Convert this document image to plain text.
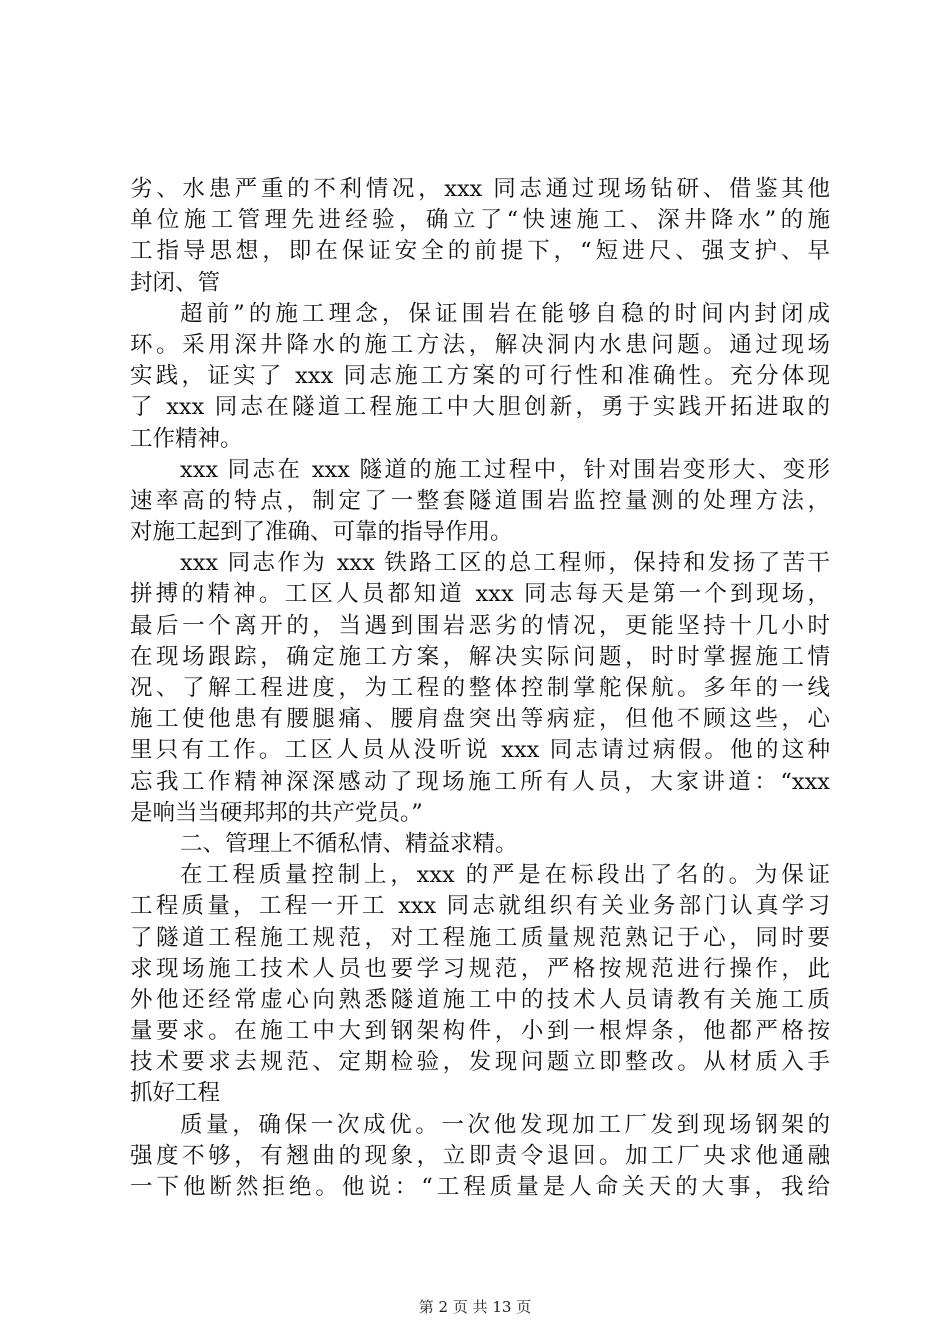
劣、水患严重的不利情况，xxx 同志通过现场钻研、借鉴其他
单位施工管理先进经验，确立了“快速施工、深井降水”的施
工指导思想，即在保证安全的前提下，“短进尺、强支护、早
封闭、管
超前”的施工理念，保证围岩在能够自稳的时间内封闭成
环。采用深井降水的施工方法，解决洞内水患问题。通过现场
实践，证实了 xxx 同志施工方案的可行性和准确性。充分体现
了 xxx 同志在隧道工程施工中大胆创新，勇于实践开拓进取的
工作精神。
xxx 同志在 xxx 隧道的施工过程中，针对围岩变形大、变形
速率高的特点，制定了一整套隧道围岩监控量测的处理方法，
对施工起到了准确、可靠的指导作用。
xxx 同志作为 xxx 铁路工区的总工程师，保持和发扬了苦干
拼搏的精神。工区人员都知道 xxx 同志每天是第一个到现场，
最后一个离开的，当遇到围岩恶劣的情况，更能坚持十几小时
在现场跟踪，确定施工方案，解决实际问题，时时掌握施工情
况、了解工程进度，为工程的整体控制掌舵保航。多年的一线
施工使他患有腰腿痛、腰肩盘突出等病症，但他不顾这些，心
里只有工作。工区人员从没听说 xxx 同志请过病假。他的这种
忘我工作精神深深感动了现场施工所有人员，大家讲道：“xxx
是响当当硬邦邦的共产党员。”
二、管理上不循私情、精益求精。
在工程质量控制上，xxx 的严是在标段出了名的。为保证
工程质量，工程一开工 xxx 同志就组织有关业务部门认真学习
了隧道工程施工规范，对工程施工质量规范熟记于心，同时要
求现场施工技术人员也要学习规范，严格按规范进行操作，此
外他还经常虚心向熟悉隧道施工中的技术人员请教有关施工质
量要求。在施工中大到钢架构件，小到一根焊条，他都严格按
技术要求去规范、定期检验，发现问题立即整改。从材质入手
抓好工程
质量，确保一次成优。一次他发现加工厂发到现场钢架的
强度不够，有翘曲的现象，立即责令退回。加工厂央求他通融
一下他断然拒绝。他说：“工程质量是人命关天的大事，我给
第 2 页 共 13 页
